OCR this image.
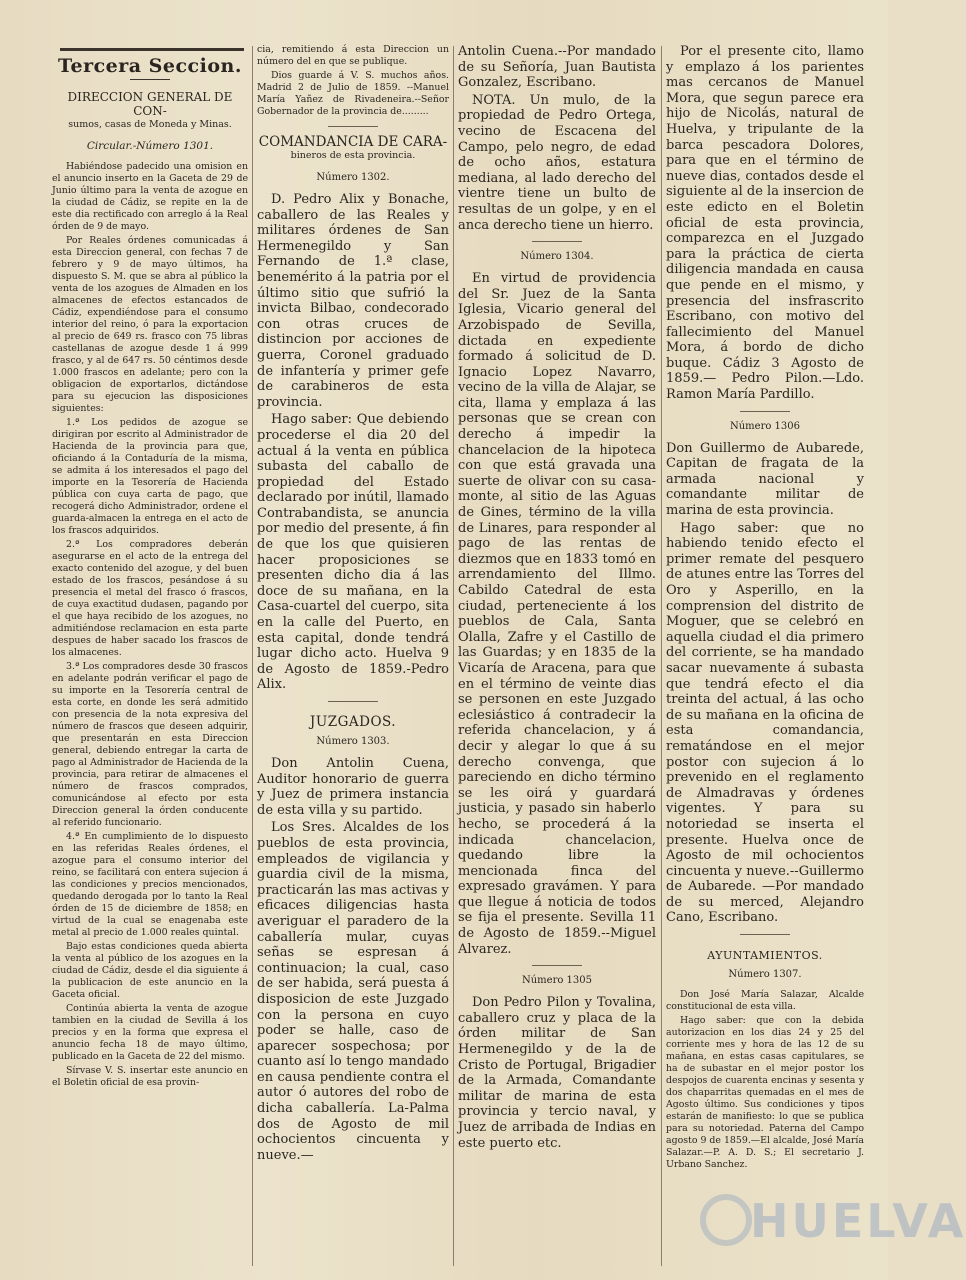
Tercera Seccion.
DIRECCION GENERAL DE CON-
sumos, casas de Moneda y Minas.
Circular.-Número 1301.

Habiéndose padecido una omision en el anuncio inserto en la Gaceta de 29 de Junio último para la venta de azogue en la ciudad de Cádiz, se repite en la de este dia rectificado con arreglo á la Real órden de 9 de mayo.

Por Reales órdenes comunicadas á esta Direccion general, con fechas 7 de febrero y 9 de mayo últimos, ha dispuesto S. M. que se abra al público la venta de los azogues de Almaden en los almacenes de efectos estancados de Cádiz, expendiéndose para el consumo interior del reino, ó para la exportacion al precio de 649 rs. frasco con 75 libras castellanas de azogue desde 1 á 999 frasco, y al de 647 rs. 50 céntimos desde 1.000 frascos en adelante; pero con la obligacion de exportarlos, dictándose para su ejecucion las disposiciones siguientes:

1.ª Los pedidos de azogue se dirigiran por escrito al Administrador de Hacienda de la provincia para que, oficiando á la Contaduría de la misma, se admita á los interesados el pago del importe en la Tesorería de Hacienda pública con cuya carta de pago, que recogerá dicho Administrador, ordene el guarda-almacen la entrega en el acto de los frascos adquiridos.

2.ª Los compradores deberán asegurarse en el acto de la entrega del exacto contenido del azogue, y del buen estado de los frascos, pesándose á su presencia el metal del frasco ó frascos, de cuya exactitud dudasen, pagando por el que haya recibido de los azogues, no admitiéndose reclamacion en esta parte despues de haber sacado los frascos de los almacenes.

3.ª Los compradores desde 30 frascos en adelante podrán verificar el pago de su importe en la Tesorería central de esta corte, en donde les será admitido con presencia de la nota expresiva del número de frascos que deseen adquirir, que presentarán en esta Direccion general, debiendo entregar la carta de pago al Administrador de Hacienda de la provincia, para retirar de almacenes el número de frascos comprados, comunicándose al efecto por esta Direccion general la órden conducente al referido funcionario.

4.ª En cumplimiento de lo dispuesto en las referidas Reales órdenes, el azogue para el consumo interior del reino, se facilitará con entera sujecion á las condiciones y precios mencionados, quedando derogada por lo tanto la Real órden de 15 de diciembre de 1858; en virtud de la cual se enagenaba este metal al precio de 1.000 reales quintal.

Bajo estas condiciones queda abierta la venta al público de los azogues en la ciudad de Cádiz, desde el dia siguiente á la publicacion de este anuncio en la Gaceta oficial.

Continúa abierta la venta de azogue tambien en la ciudad de Sevilla á los precios y en la forma que expresa el anuncio fecha 18 de mayo último, publicado en la Gaceta de 22 del mismo.

Sírvase V. S. insertar este anuncio en el Boletin oficial de esa provin-

cia, remitiendo á esta Direccion un número del en que se publique.

Dios guarde á V. S. muchos años. Madrid 2 de Julio de 1859. --Manuel María Yañez de Rivadeneira.--Señor Gobernador de la provincia de.........

COMANDANCIA DE CARA-
bineros de esta provincia.
Número 1302.

D. Pedro Alix y Bonache, caballero de las Reales y militares órdenes de San Hermenegildo y San Fernando de 1.ª clase, benemérito á la patria por el último sitio que sufrió la invicta Bilbao, condecorado con otras cruces de distincion por acciones de guerra, Coronel graduado de infantería y primer gefe de carabineros de esta provincia.

Hago saber: Que debiendo procederse el dia 20 del actual á la venta en pública subasta del caballo de propiedad del Estado declarado por inútil, llamado Contrabandista, se anuncia por medio del presente, á fin de que los que quisieren hacer proposiciones se presenten dicho dia á las doce de su mañana, en la Casa-cuartel del cuerpo, sita en la calle del Puerto, en esta capital, donde tendrá lugar dicho acto. Huelva 9 de Agosto de 1859.-Pedro Alix.

JUZGADOS.
Número 1303.

Don Antolin Cuena, Auditor honorario de guerra y Juez de primera instancia de esta villa y su partido.

Los Sres. Alcaldes de los pueblos de esta provincia, empleados de vigilancia y guardia civil de la misma, practicarán las mas activas y eficaces diligencias hasta averiguar el paradero de la caballería mular, cuyas señas se espresan á continuacion; la cual, caso de ser habida, será puesta á disposicion de este Juzgado con la persona en cuyo poder se halle, caso de aparecer sospechosa; por cuanto así lo tengo mandado en causa pendiente contra el autor ó autores del robo de dicha caballería. La-Palma dos de Agosto de mil ochocientos cincuenta y nueve.—

Antolin Cuena.--Por mandado de su Señoría, Juan Bautista Gonzalez, Escribano.

NOTA. Un mulo, de la propiedad de Pedro Ortega, vecino de Escacena del Campo, pelo negro, de edad de ocho años, estatura mediana, al lado derecho del vientre tiene un bulto de resultas de un golpe, y en el anca derecho tiene un hierro.

Número 1304.

En virtud de providencia del Sr. Juez de la Santa Iglesia, Vicario general del Arzobispado de Sevilla, dictada en expediente formado á solicitud de D. Ignacio Lopez Navarro, vecino de la villa de Alajar, se cita, llama y emplaza á las personas que se crean con derecho á impedir la chancelacion de la hipoteca con que está gravada una suerte de olivar con su casa-monte, al sitio de las Aguas de Gines, término de la villa de Linares, para responder al pago de las rentas de diezmos que en 1833 tomó en arrendamiento del Illmo. Cabildo Catedral de esta ciudad, perteneciente á los pueblos de Cala, Santa Olalla, Zafre y el Castillo de las Guardas; y en 1835 de la Vicaría de Aracena, para que en el término de veinte dias se personen en este Juzgado eclesiástico á contradecir la referida chancelacion, y á decir y alegar lo que á su derecho convenga, que pareciendo en dicho término se les oirá y guardará justicia, y pasado sin haberlo hecho, se procederá á la indicada chancelacion, quedando libre la mencionada finca del expresado gravámen. Y para que llegue á noticia de todos se fija el presente. Sevilla 11 de Agosto de 1859.--Miguel Alvarez.

Número 1305

Don Pedro Pilon y Tovalina, caballero cruz y placa de la órden militar de San Hermenegildo y de la de Cristo de Portugal, Brigadier de la Armada, Comandante militar de marina de esta provincia y tercio naval, y Juez de arribada de Indias en este puerto etc.

Por el presente cito, llamo y emplazo á los parientes mas cercanos de Manuel Mora, que segun parece era hijo de Nicolás, natural de Huelva, y tripulante de la barca pescadora Dolores, para que en el término de nueve dias, contados desde el siguiente al de la insercion de este edicto en el Boletin oficial de esta provincia, comparezca en el Juzgado para la práctica de cierta diligencia mandada en causa que pende en el mismo, y presencia del insfrascrito Escribano, con motivo del fallecimiento del Manuel Mora, á bordo de dicho buque. Cádiz 3 Agosto de 1859.— Pedro Pilon.—Ldo. Ramon María Pardillo.

Número 1306

Don Guillermo de Aubarede, Capitan de fragata de la armada nacional y comandante militar de marina de esta provincia.

Hago saber: que no habiendo tenido efecto el primer remate del pesquero de atunes entre las Torres del Oro y Asperillo, en la comprension del distrito de Moguer, que se celebró en aquella ciudad el dia primero del corriente, se ha mandado sacar nuevamente á subasta que tendrá efecto el dia treinta del actual, á las ocho de su mañana en la oficina de esta comandancia, rematándose en el mejor postor con sujecion á lo prevenido en el reglamento de Almadravas y órdenes vigentes. Y para su notoriedad se inserta el presente. Huelva once de Agosto de mil ochocientos cincuenta y nueve.--Guillermo de Aubarede. —Por mandado de su merced, Alejandro Cano, Escribano.

AYUNTAMIENTOS.
Número 1307.

Don José María Salazar, Alcalde constitucional de esta villa.

Hago saber: que con la debida autorizacion en los dias 24 y 25 del corriente mes y hora de las 12 de su mañana, en estas casas capitulares, se ha de subastar en el mejor postor los despojos de cuarenta encinas y sesenta y dos chaparritas quemadas en el mes de Agosto último. Sus condiciones y tipos estarán de manifiesto: lo que se publica para su notoriedad. Paterna del Campo agosto 9 de 1859.—El alcalde, José María Salazar.—P. A. D. S.; El secretario J. Urbano Sanchez.

HUELVA
